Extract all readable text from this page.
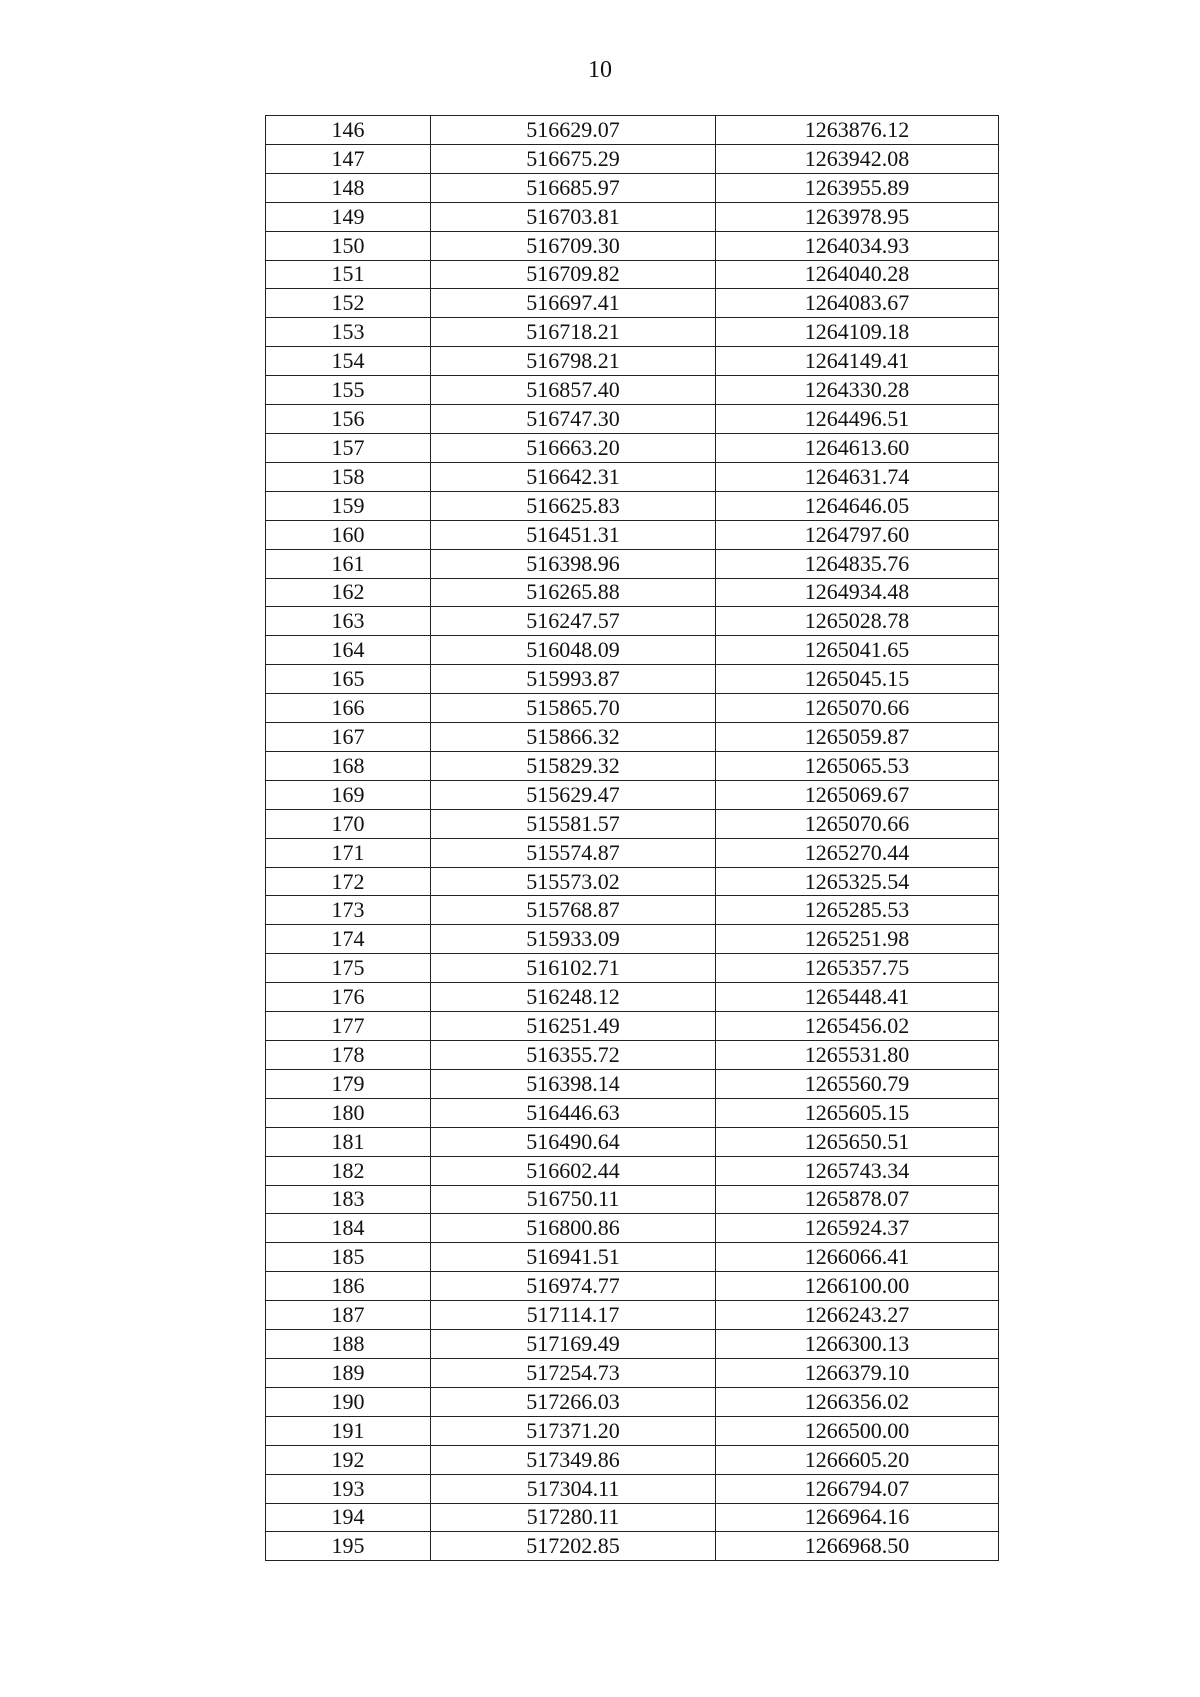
10
146	516629.07	1263876.12
147	516675.29	1263942.08
148	516685.97	1263955.89
149	516703.81	1263978.95
150	516709.30	1264034.93
151	516709.82	1264040.28
152	516697.41	1264083.67
153	516718.21	1264109.18
154	516798.21	1264149.41
155	516857.40	1264330.28
156	516747.30	1264496.51
157	516663.20	1264613.60
158	516642.31	1264631.74
159	516625.83	1264646.05
160	516451.31	1264797.60
161	516398.96	1264835.76
162	516265.88	1264934.48
163	516247.57	1265028.78
164	516048.09	1265041.65
165	515993.87	1265045.15
166	515865.70	1265070.66
167	515866.32	1265059.87
168	515829.32	1265065.53
169	515629.47	1265069.67
170	515581.57	1265070.66
171	515574.87	1265270.44
172	515573.02	1265325.54
173	515768.87	1265285.53
174	515933.09	1265251.98
175	516102.71	1265357.75
176	516248.12	1265448.41
177	516251.49	1265456.02
178	516355.72	1265531.80
179	516398.14	1265560.79
180	516446.63	1265605.15
181	516490.64	1265650.51
182	516602.44	1265743.34
183	516750.11	1265878.07
184	516800.86	1265924.37
185	516941.51	1266066.41
186	516974.77	1266100.00
187	517114.17	1266243.27
188	517169.49	1266300.13
189	517254.73	1266379.10
190	517266.03	1266356.02
191	517371.20	1266500.00
192	517349.86	1266605.20
193	517304.11	1266794.07
194	517280.11	1266964.16
195	517202.85	1266968.50
